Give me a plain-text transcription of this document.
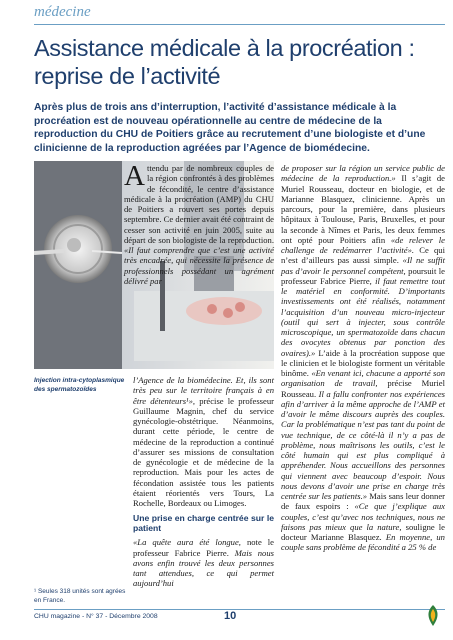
médecine
Assistance médicale à la procréation :
reprise de l’activité
Après plus de trois ans d’interruption, l’activité d’assistance médicale à la procréation est de nouveau opérationnelle au centre de médecine de la reproduction du CHU de Poitiers grâce au recrutement d’une biologiste et d’une clinicienne de la reproduction agréées par l’Agence de biomédecine.
Injection intra-cytoplasmique des spermatozoïdes
¹ Seules 318 unités sont agrées en France.
Attendu par de nombreux couples de la région confrontés à des problèmes de fécondité, le centre d’assistance médicale à la procréation (AMP) du CHU de Poitiers a rouvert ses portes depuis septembre. Ce dernier avait été contraint de cesser son activité en juin 2005, suite au départ de son biologiste de la reproduction. «Il faut comprendre que c’est une activité très encadrée, qui nécessite la présence de professionnels possédant un agrément délivré par
l’Agence de la biomédecine. Et, ils sont très peu sur le territoire français à en être détenteurs¹», précise le professeur Guillaume Magnin, chef du service gynécologie-obstétrique. Néanmoins, durant cette période, le centre de médecine de la reproduction a continué d’assurer ses missions de consultation de gynécologie et de médecine de la reproduction. Mais pour les actes de fécondation assistée tous les patients étaient réorientés vers Tours, La Rochelle, Bordeaux ou Limoges.
Une prise en charge centrée sur le patient
«La quête aura été longue, note le professeur Fabrice Pierre. Mais nous avons enfin trouvé les deux personnes tant attendues, ce qui permet aujourd’hui
de proposer sur la région un service public de médecine de la reproduction.» Il s’agit de Muriel Rousseau, docteur en biologie, et de Marianne Blasquez, clinicienne. Après un parcours, pour la première, dans plusieurs hôpitaux à Toulouse, Paris, Bruxelles, et pour la seconde à Nîmes et Paris, les deux femmes ont opté pour Poitiers afin «de relever le challenge de redémarrer l’activité». Ce qui n’est d’ailleurs pas aussi simple. «Il ne suffit pas d’avoir le personnel compétent, poursuit le professeur Fabrice Pierre, il faut remettre tout le matériel en conformité. D’importants investissements ont été réalisés, notamment l’acquisition d’un nouveau micro-injecteur (outil qui sert à injecter, sous contrôle microscopique, un spermatozoïde dans chacun des ovocytes obtenus par ponction des ovaires).» L’aide à la procréation suppose que le clinicien et le biologiste forment un véritable binôme. «En venant ici, chacune a apporté son organisation de travail, précise Muriel Rousseau. Il a fallu confronter nos expériences afin d’arriver à la même approche de l’AMP et d’avoir le même discours auprès des couples. Car la problématique n’est pas tant du point de vue technique, de ce côté-là il n’y a pas de problème, nous maîtrisons les outils, c’est le côté humain qui est plus compliqué à appréhender. Nous accueillons des personnes qui viennent avec beaucoup d’espoir. Nous nous devons d’avoir une prise en charge très centrée sur les patients.» Mais sans leur donner de faux espoirs : «Ce que j’explique aux couples, c’est qu’avec nos techniques, nous ne faisons pas mieux que la nature, souligne le docteur Marianne Blasquez. En moyenne, un couple sans problème de fécondité a 25 % de
CHU magazine - N° 37 - Décembre 2008	10
